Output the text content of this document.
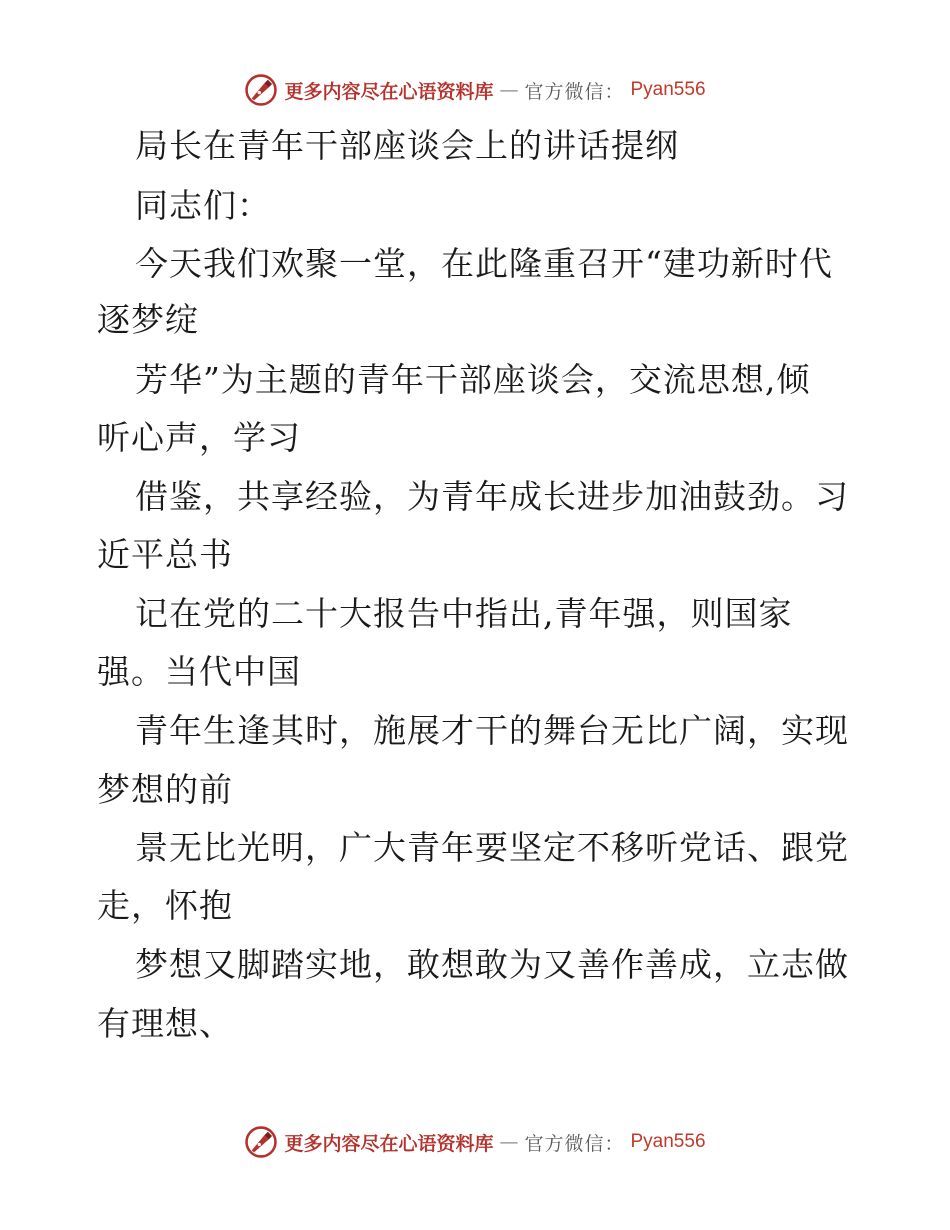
更多内容尽在心语资料库 — 官方微信： Pyan556
局长在青年干部座谈会上的讲话提纲
同志们：
今天我们欢聚一堂，在此隆重召开“建功新时代
逐梦绽
芳华”为主题的青年干部座谈会，交流思想,倾
听心声，学习
借鉴，共享经验，为青年成长进步加油鼓劲。习
近平总书
记在党的二十大报告中指出,青年强，则国家
强。当代中国
青年生逢其时，施展才干的舞台无比广阔，实现
梦想的前
景无比光明，广大青年要坚定不移听党话、跟党
走，怀抱
梦想又脚踏实地，敢想敢为又善作善成，立志做
有理想、
更多内容尽在心语资料库 — 官方微信： Pyan556
